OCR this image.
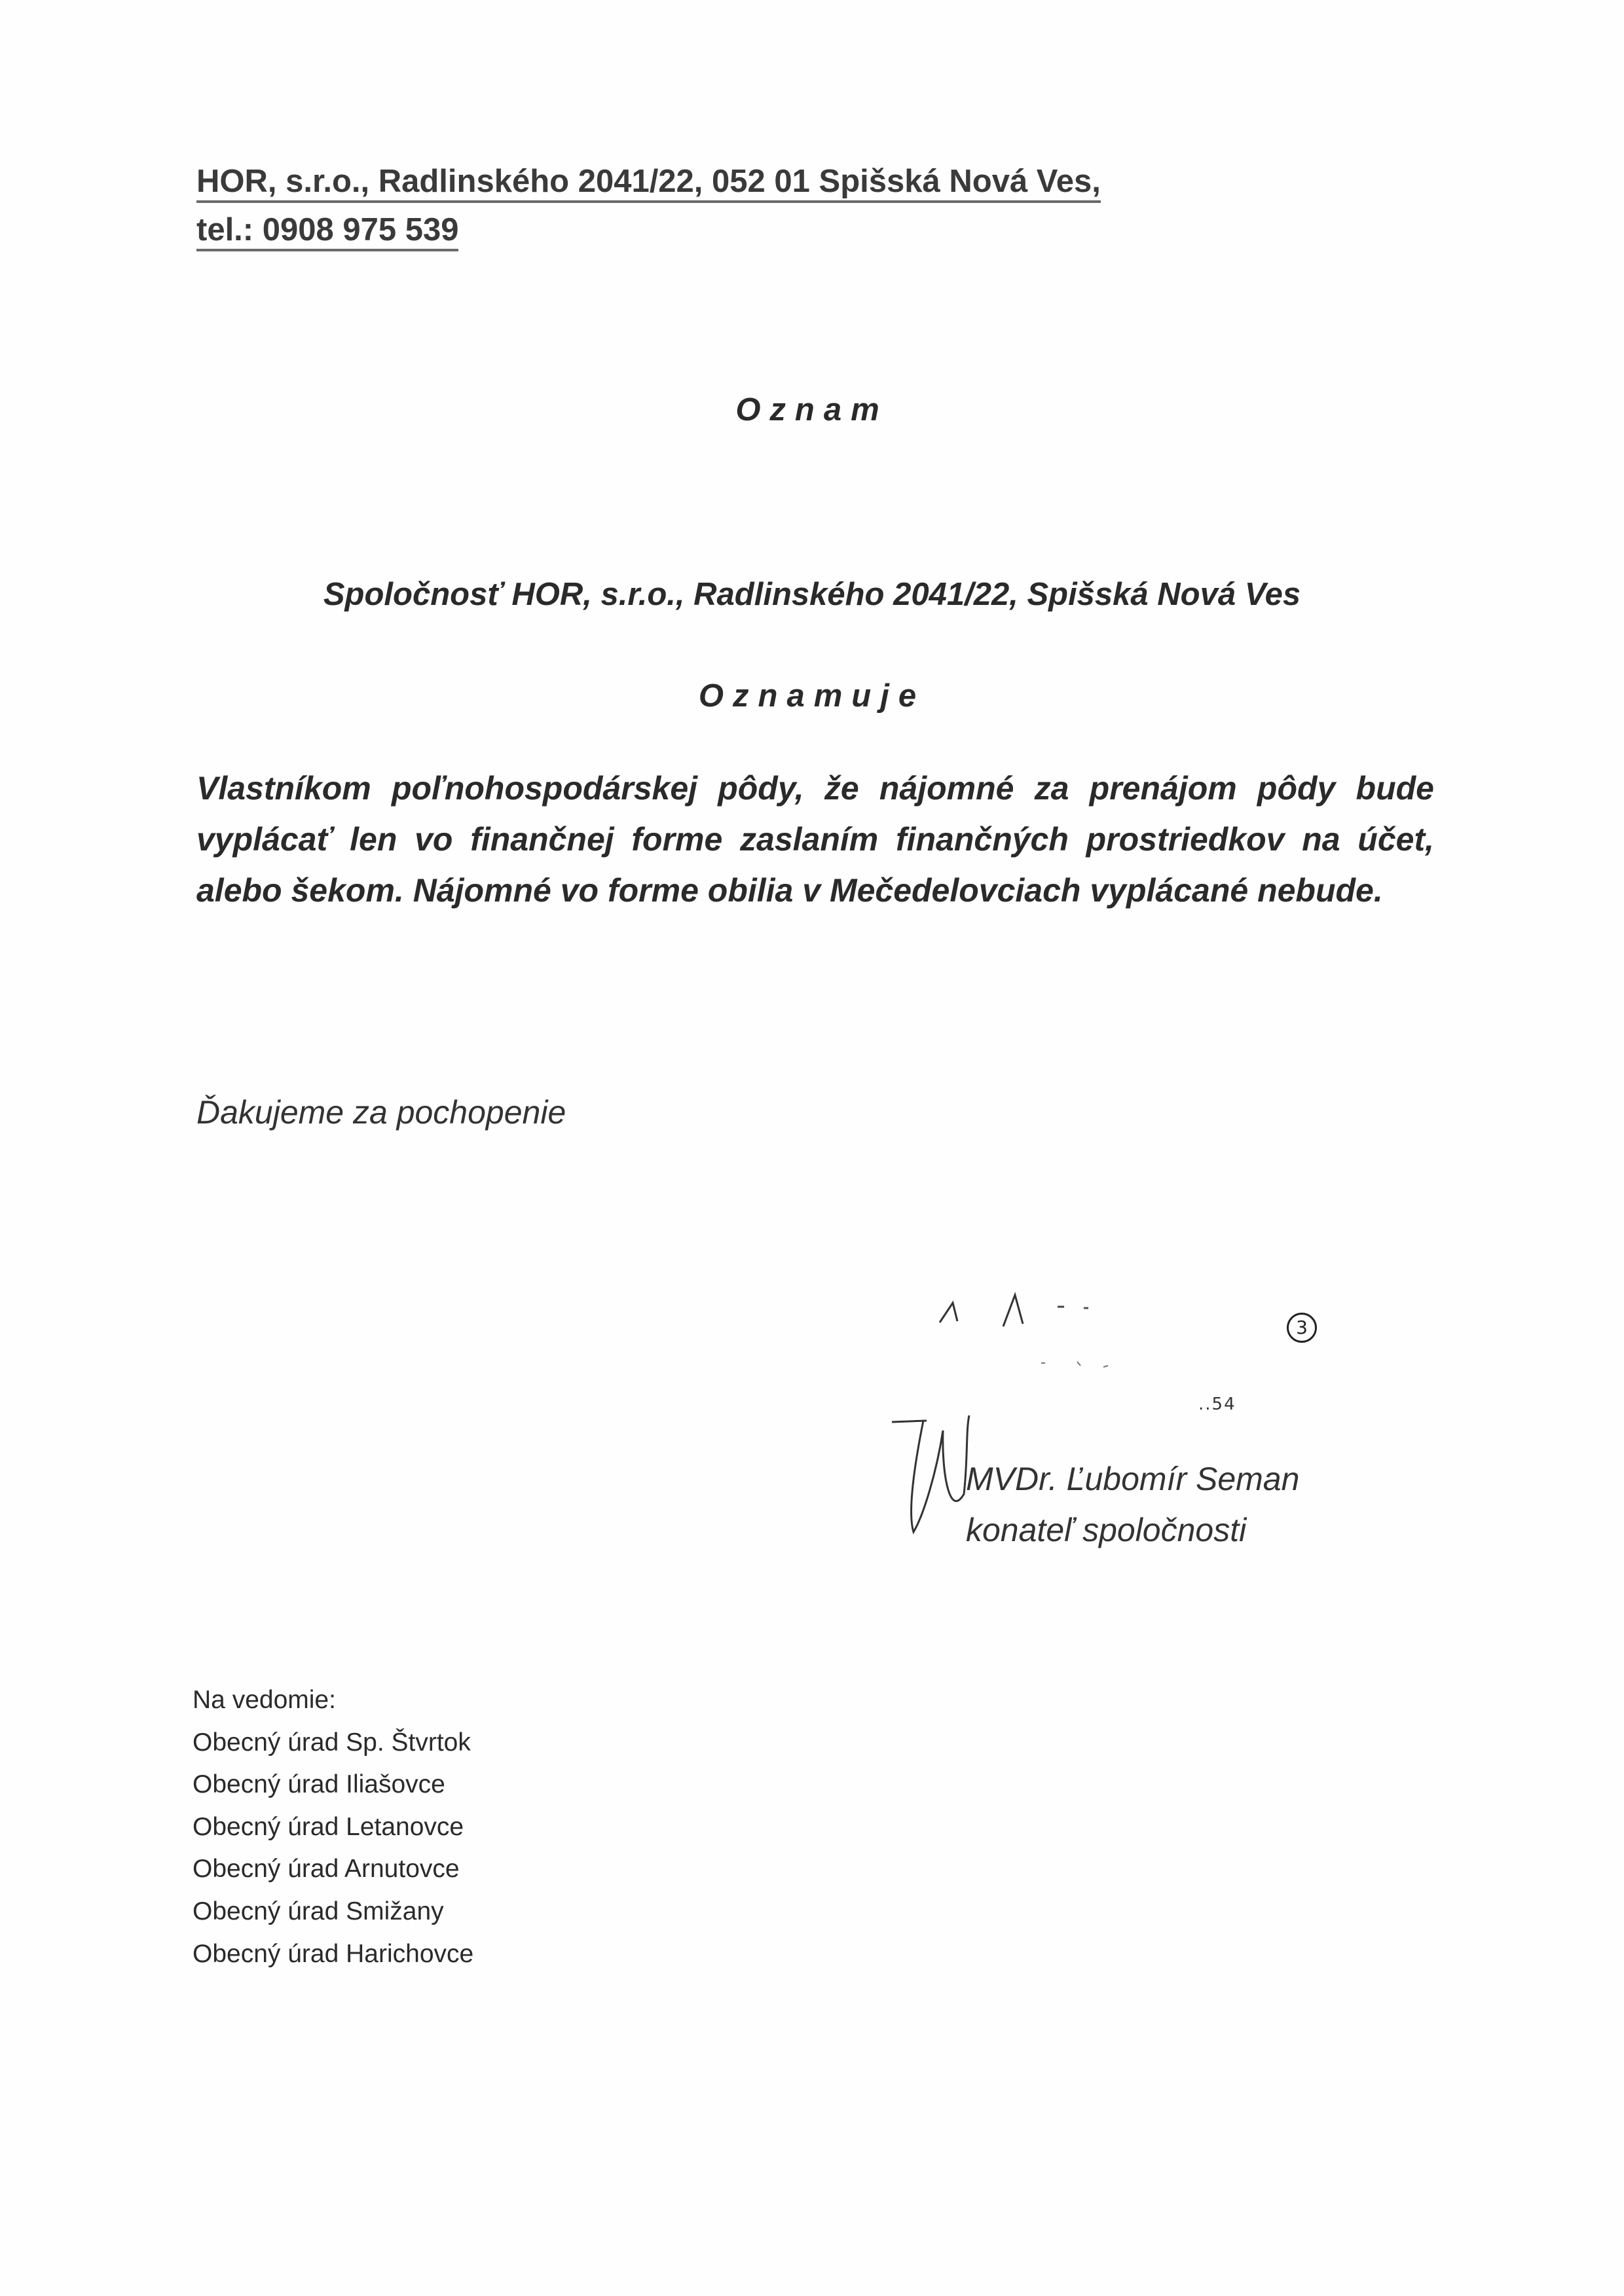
HOR, s.r.o., Radlinského 2041/22, 052 01 Spišská Nová Ves,
tel.: 0908 975 539
Oznam
Spoločnosť HOR, s.r.o., Radlinského 2041/22, Spišská Nová Ves
Oznamuje
Vlastníkom poľnohospodárskej pôdy, že nájomné za prenájom pôdy bude vyplácať len vo finančnej forme zaslaním finančných prostriedkov na účet, alebo šekom. Nájomné vo forme obilia v Mečedelovciach vyplácané nebude.
Ďakujeme za pochopenie
3
..54
MVDr. Ľubomír Seman
konateľ spoločnosti
Na vedomie:
Obecný úrad Sp. Štvrtok
Obecný úrad Iliašovce
Obecný úrad Letanovce
Obecný úrad Arnutovce
Obecný úrad Smižany
Obecný úrad Harichovce
